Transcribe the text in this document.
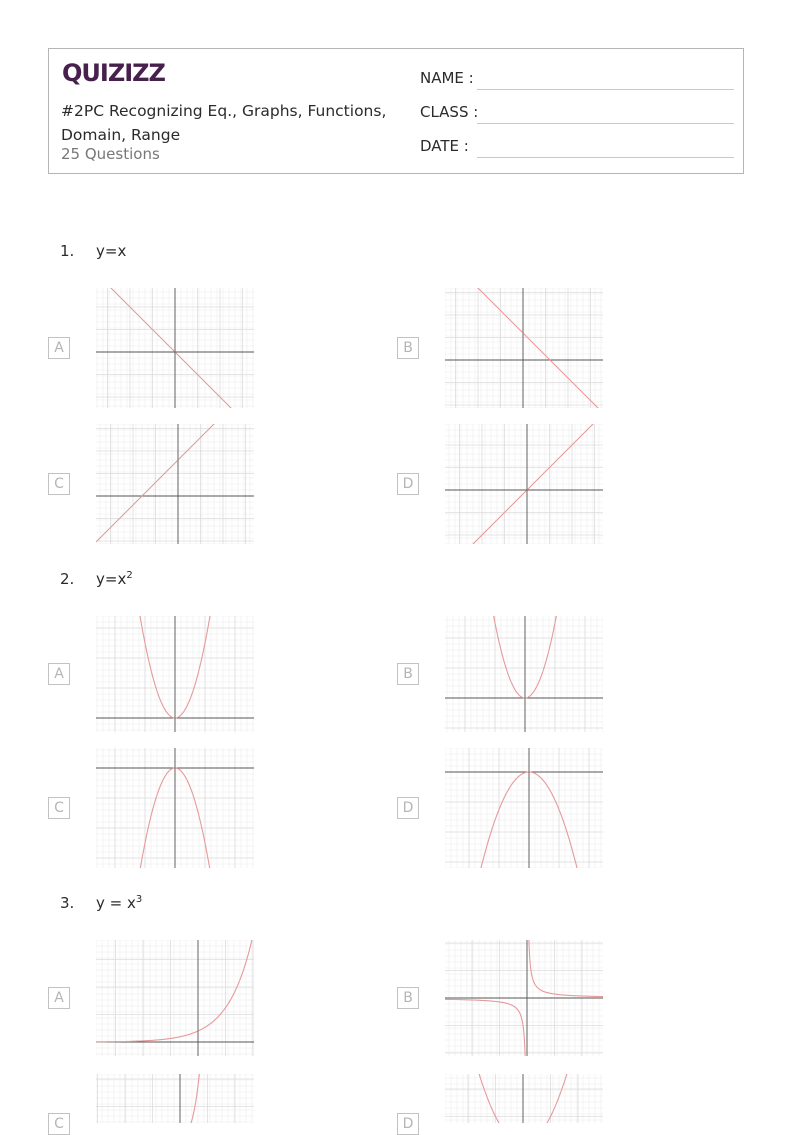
QUIZIZZ
#2PC Recognizing Eq., Graphs, Functions, Domain, Range
25 Questions
NAME :
CLASS :
DATE :
1. y=x
A	B
C	D
2. $y=x^2$
A	B
C	D
3. $y = x^3$
A	B
C	D
